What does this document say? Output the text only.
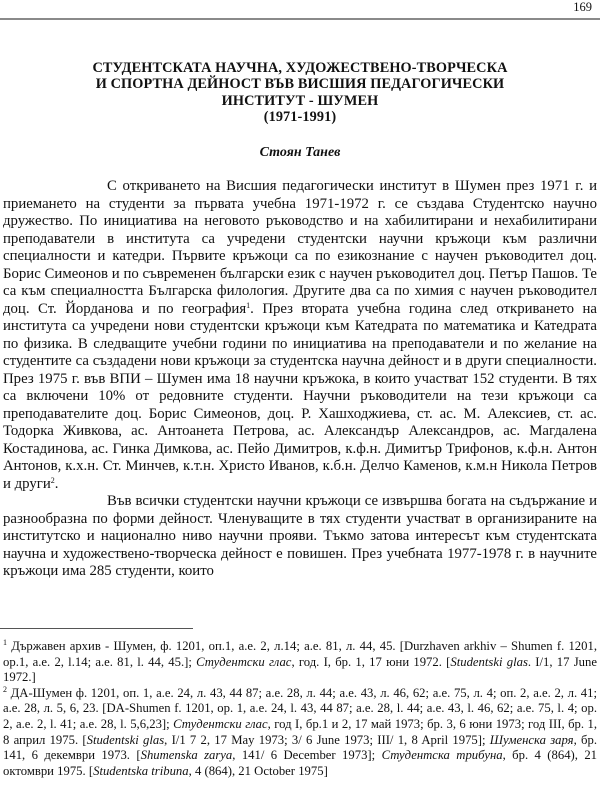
169
СТУДЕНТСКАТА НАУЧНА, ХУДОЖЕСТВЕНО-ТВОРЧЕСКА
И СПОРТНА ДЕЙНОСТ ВЪВ ВИСШИЯ ПЕДАГОГИЧЕСКИ
ИНСТИТУТ - ШУМЕН
(1971-1991)
Стоян Танев

С откриването на Висшия педагогически институт в Шумен през 1971 г. и приемането на студенти за първата учебна 1971-1972 г. се създава Студентско научно дружество. По инициатива на неговото ръководство и на хабилитирани и нехабилитирани преподаватели в института са учредени студентски научни кръжоци към различни специалности и катедри. Първите кръжоци са по езикознание с научен ръководител доц. Борис Симеонов и по съвременен български език с научен ръководител доц. Петър Пашов. Те са към специалността Българска филология. Другите два са по химия с научен ръководител доц. Ст. Йорданова и по география$^1$. През втората учебна година след откриването на института са учредени нови студентски кръжоци към Катедрата по математика и Катедрата по физика. В следващите учебни години по инициатива на преподаватели и по желание на студентите са създадени нови кръжоци за студентска научна дейност и в други специалности. През 1975 г. във ВПИ – Шумен има 18 научни кръжока, в които участват 152 студенти. В тях са включени 10% от редовните студенти. Научни ръководители на тези кръжоци са преподавателите доц. Борис Симеонов, доц. Р. Хашходжиева, ст. ас. М. Алексиев, ст. ас. Тодорка Живкова, ас. Антоанета Петрова, ас. Александър Александров, ас. Магдалена Костадинова, ас. Гинка Димкова, ас. Пейо Димитров, к.ф.н. Димитър Трифонов, к.ф.н. Антон Антонов, к.х.н. Ст. Минчев, к.т.н. Христо Иванов, к.б.н. Делчо Каменов, к.м.н Никола Петров и други$^2$.

Във всички студентски научни кръжоци се извършва богата на съдържание и разнообразна по форми дейност. Членуващите в тях студенти участват в организираните на институтско и национално ниво научни прояви. Тъкмо затова интересът към студентската научна и художествено-творческа дейност е повишен. През учебната 1977-1978 г. в научните кръжоци има 285 студенти, които

$^1$ Държавен архив - Шумен, ф. 1201, оп.1, а.е. 2, л.14; а.е. 81, л. 44, 45. [Durzhaven arkhiv – Shumen f. 1201, op.1, a.e. 2, l.14; a.e. 81, l. 44, 45.]; Студентски глас, год. I, бр. 1, 17 юни 1972. [Studentski glas. I/1, 17 June 1972.]

$^2$ ДА-Шумен ф. 1201, оп. 1, а.е. 24, л. 43, 44 87; а.е. 28, л. 44; а.е. 43, л. 46, 62; а.е. 75, л. 4; оп. 2, а.е. 2, л. 41; а.е. 28, л. 5, 6, 23. [DA-Shumen f. 1201, op. 1, a.e. 24, l. 43, 44 87; a.e. 28, l. 44; a.e. 43, l. 46, 62; a.e. 75, l. 4; op. 2, a.e. 2, l. 41; a.e. 28, l. 5,6,23]; Студентски глас, год I, бр.1 и 2, 17 май 1973; бр. 3, 6 юни 1973; год III, бр. 1, 8 април 1975. [Studentski glas, I/1 7 2, 17 May 1973; 3/ 6 June 1973; III/ 1, 8 April 1975]; Шуменска заря, бр. 141, 6 декември 1973. [Shumenska zarya, 141/ 6 December 1973]; Студентска трибуна, бр. 4 (864), 21 октомври 1975. [Studentska tribuna, 4 (864), 21 October 1975]
